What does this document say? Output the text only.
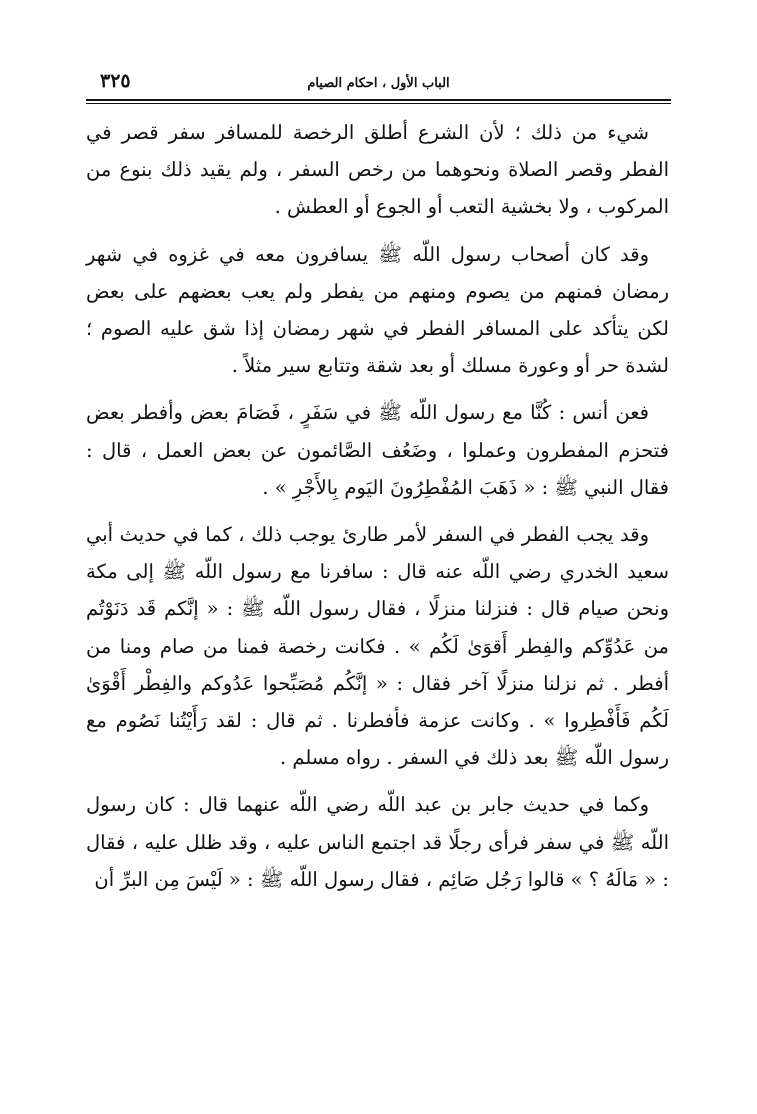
٣٢٥	الباب الأول ، احكام الصيام

شيء من ذلك ؛ لأن الشرع أطلق الرخصة للمسافر سفر قصر في الفطر وقصر الصلاة ونحوهما من رخص السفر ، ولم يقيد ذلك بنوع من المركوب ، ولا بخشية التعب أو الجوع أو العطش .

وقد كان أصحاب رسول اللّه ﷺ يسافرون معه في غزوه في شهر رمضان فمنهم من يصوم ومنهم من يفطر ولم يعب بعضهم على بعض لكن يتأكد على المسافر الفطر في شهر رمضان إذا شق عليه الصوم ؛ لشدة حر أو وعورة مسلك أو بعد شقة وتتابع سير مثلاً .

فعن أنس : كُنَّا مع رسول اللّه ﷺ في سَفَرٍ ، فَصَامَ بعض وأفطر بعض فتحزم المفطرون وعملوا ، وضَعُف الصَّائمون عن بعض العمل ، قال : فقال النبي ﷺ : « ذَهَبَ المُفْطِرُونَ اليَوم بِالأَجْرِ » .

وقد يجب الفطر في السفر لأمر طارئ يوجب ذلك ، كما في حديث أبي سعيد الخدري رضي اللّه عنه قال : سافرنا مع رسول اللّه ﷺ إلى مكة ونحن صيام قال : فنزلنا منزلًا ، فقال رسول اللّه ﷺ : « إنَّكم قَد دَنَوْتُم من عَدُوِّكم والفِطر أَقوَىٰ لَكُم » . فكانت رخصة فمنا من صام ومنا من أفطر . ثم نزلنا منزلًا آخر فقال : « إنَّكُم مُصَبِّحوا عَدُوكم والفِطْر أَقْوَىٰ لَكُم فَأَفْطِروا » . وكانت عزمة فأفطرنا . ثم قال : لقد رَأَيْتُنا نَصُوم مع رسول اللّه ﷺ بعد ذلك في السفر . رواه مسلم .

وكما في حديث جابر بن عبد اللّه رضي اللّه عنهما قال : كان رسول اللّه ﷺ في سفر فرأى رجلًا قد اجتمع الناس عليه ، وقد ظلل عليه ، فقال : « مَالَهُ ؟ » قالوا رَجُل صَائِم ، فقال رسول اللّه ﷺ : « لَيْسَ مِن البرِّ أن
